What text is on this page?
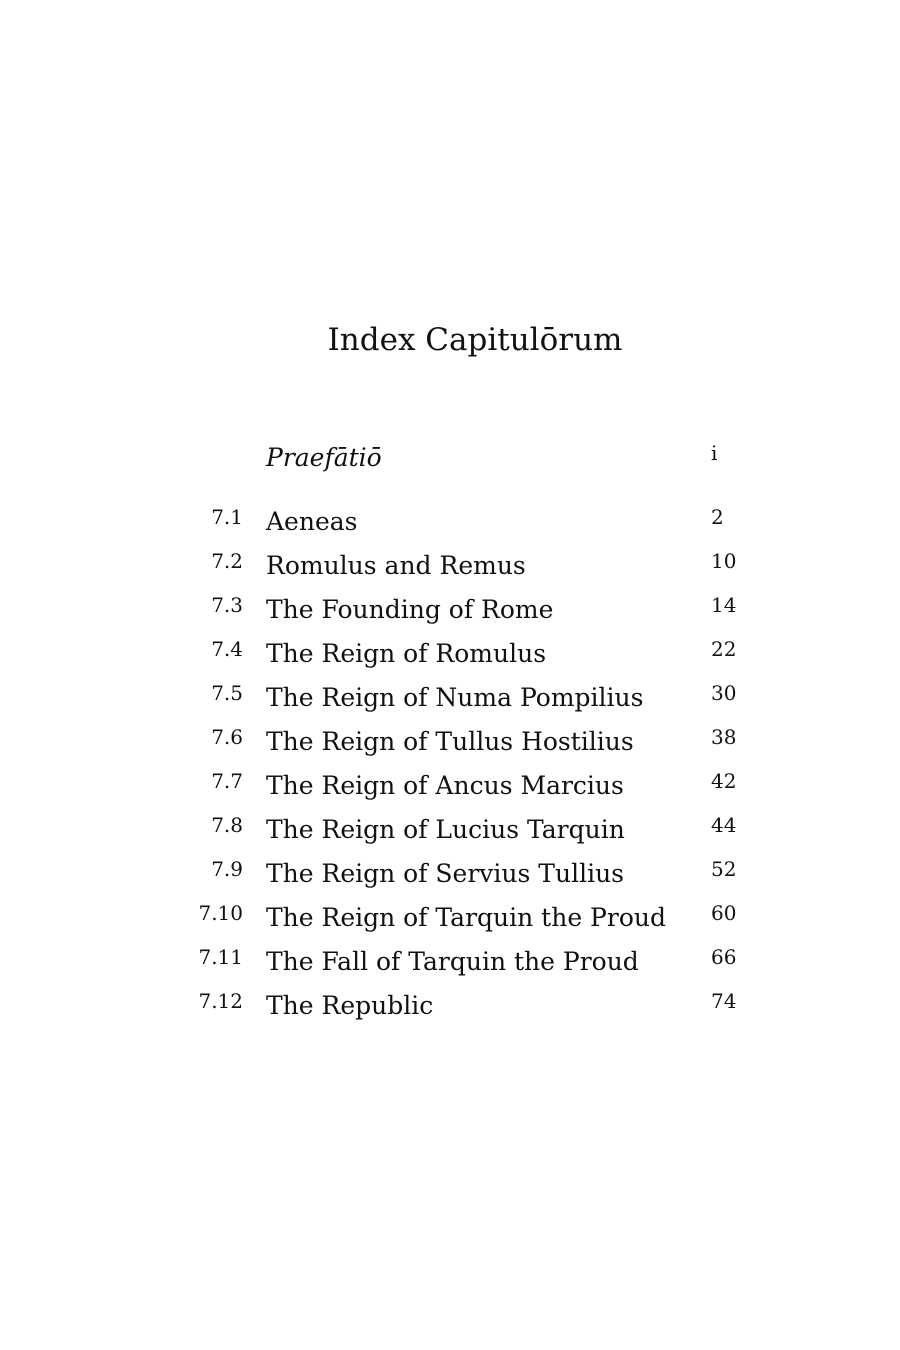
Index Capitulōrum
Praefātiō	i
7.1 Aeneas	2
7.2 Romulus and Remus	10
7.3 The Founding of Rome	14
7.4 The Reign of Romulus	22
7.5 The Reign of Numa Pompilius	30
7.6 The Reign of Tullus Hostilius	38
7.7 The Reign of Ancus Marcius	42
7.8 The Reign of Lucius Tarquin	44
7.9 The Reign of Servius Tullius	52
7.10 The Reign of Tarquin the Proud 60
7.11 The Fall of Tarquin the Proud	66
7.12 The Republic	74
